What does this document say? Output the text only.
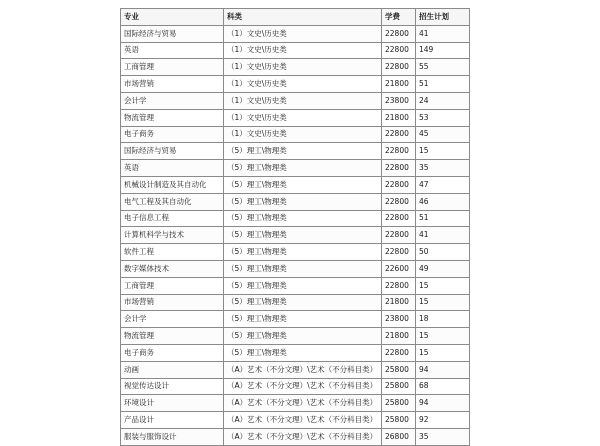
专业	科类	学费	招生计划
国际经济与贸易	（1）文史\历史类	22800	41
英语	（1）文史\历史类	22800	149
工商管理	（1）文史\历史类	22800	55
市场营销	（1）文史\历史类	21800	51
会计学	（1）文史\历史类	23800	24
物流管理	（1）文史\历史类	21800	53
电子商务	（1）文史\历史类	22800	45
国际经济与贸易	（5）理工\物理类	22800	15
英语	（5）理工\物理类	22800	35
机械设计制造及其自动化	（5）理工\物理类	22800	47
电气工程及其自动化	（5）理工\物理类	22800	46
电子信息工程	（5）理工\物理类	22800	51
计算机科学与技术	（5）理工\物理类	22800	41
软件工程	（5）理工\物理类	22800	50
数字媒体技术	（5）理工\物理类	22600	49
工商管理	（5）理工\物理类	22800	15
市场营销	（5）理工\物理类	21800	15
会计学	（5）理工\物理类	23800	18
物流管理	（5）理工\物理类	21800	15
电子商务	（5）理工\物理类	22800	15
动画	（A）艺术（不分文理）\艺术（不分科目类）	25800	94
视觉传达设计	（A）艺术（不分文理）\艺术（不分科目类）	25800	68
环境设计	（A）艺术（不分文理）\艺术（不分科目类）	25800	94
产品设计	（A）艺术（不分文理）\艺术（不分科目类）	25800	92
服装与服饰设计	（A）艺术（不分文理）\艺术（不分科目类）	26800	35
